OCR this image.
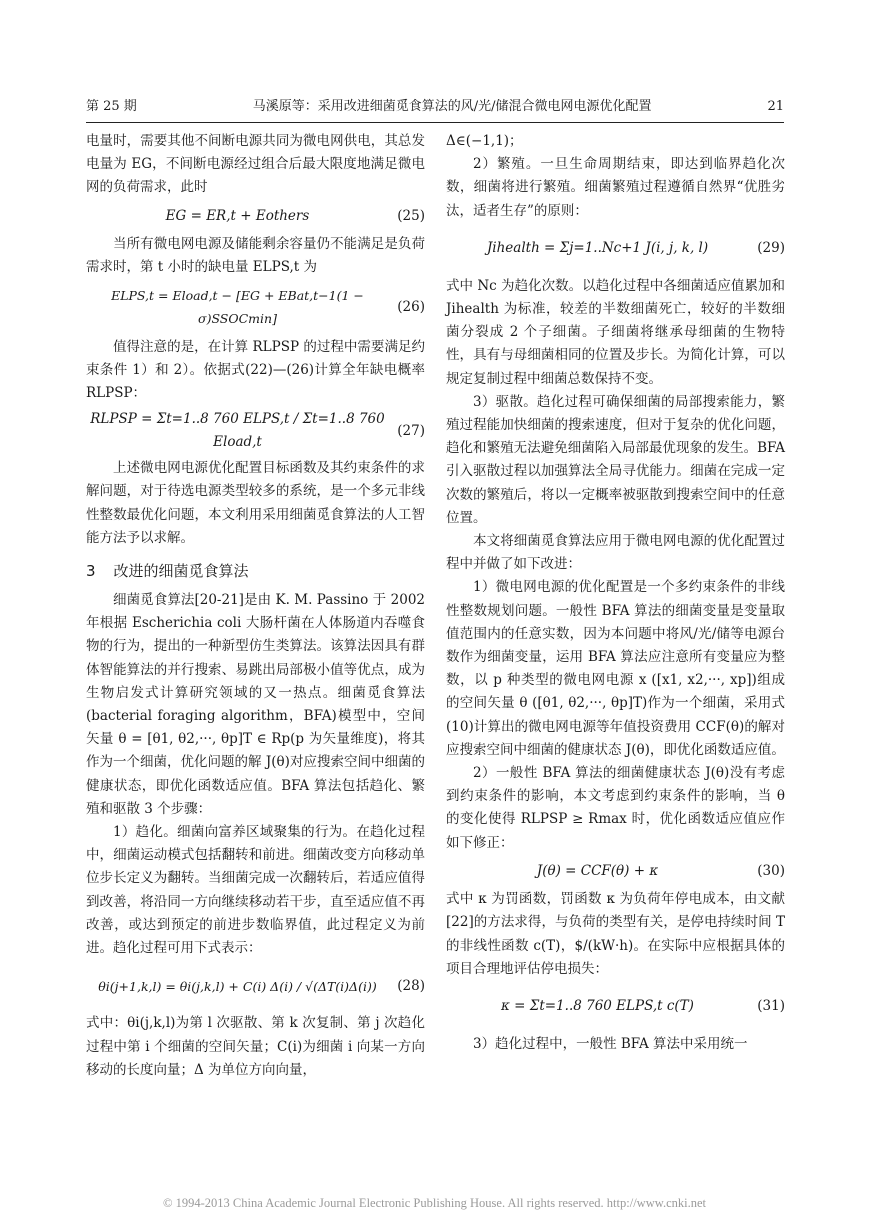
第 25 期	马溪原等：采用改进细菌觅食算法的风/光/储混合微电网电源优化配置	21

电量时，需要其他不间断电源共同为微电网供电，其总发电量为 EG，不间断电源经过组合后最大限度地满足微电网的负荷需求，此时

EG = ER,t + Eothers	(25)

当所有微电网电源及储能剩余容量仍不能满足是负荷需求时，第 t 小时的缺电量 ELPS,t 为

ELPS,t = Eload,t − [EG + EBat,t−1(1 − σ)SSOCmin]
(26)

值得注意的是，在计算 RLPSP 的过程中需要满足约束条件 1）和 2）。依据式(22)—(26)计算全年缺电概率 RLPSP：

RLPSP = Σt=1..8 760 ELPS,t / Σt=1..8 760 Eload,t
(27)

上述微电网电源优化配置目标函数及其约束条件的求解问题，对于待选电源类型较多的系统，是一个多元非线性整数最优化问题，本文利用采用细菌觅食算法的人工智能方法予以求解。

3 改进的细菌觅食算法

细菌觅食算法[20-21]是由 K. M. Passino 于 2002 年根据 Escherichia coli 大肠杆菌在人体肠道内吞噬食物的行为，提出的一种新型仿生类算法。该算法因具有群体智能算法的并行搜索、易跳出局部极小值等优点，成为生物启发式计算研究领域的又一热点。细菌觅食算法(bacterial foraging algorithm，BFA)模型中，空间矢量 θ = [θ1, θ2,···, θp]T ∈ Rp(p 为矢量维度)，将其作为一个细菌，优化问题的解 J(θ)对应搜索空间中细菌的健康状态，即优化函数适应值。BFA 算法包括趋化、繁殖和驱散 3 个步骤：

1）趋化。细菌向富养区域聚集的行为。在趋化过程中，细菌运动模式包括翻转和前进。细菌改变方向移动单位步长定义为翻转。当细菌完成一次翻转后，若适应值得到改善，将沿同一方向继续移动若干步，直至适应值不再改善，或达到预定的前进步数临界值，此过程定义为前进。趋化过程可用下式表示：

θi(j+1,k,l) = θi(j,k,l) + C(i) Δ(i) / √(ΔT(i)Δ(i))	(28)

式中：θi(j,k,l)为第 l 次驱散、第 k 次复制、第 j 次趋化过程中第 i 个细菌的空间矢量；C(i)为细菌 i 向某一方向移动的长度向量；Δ 为单位方向向量，

Δ∈(−1,1)；

2）繁殖。一旦生命周期结束，即达到临界趋化次数，细菌将进行繁殖。细菌繁殖过程遵循自然界“优胜劣汰，适者生存”的原则：

Jihealth = Σj=1..Nc+1 J(i, j, k, l)	(29)

式中 Nc 为趋化次数。以趋化过程中各细菌适应值累加和 Jihealth 为标准，较差的半数细菌死亡，较好的半数细菌分裂成 2 个子细菌。子细菌将继承母细菌的生物特性，具有与母细菌相同的位置及步长。为简化计算，可以规定复制过程中细菌总数保持不变。

3）驱散。趋化过程可确保细菌的局部搜索能力，繁殖过程能加快细菌的搜索速度，但对于复杂的优化问题，趋化和繁殖无法避免细菌陷入局部最优现象的发生。BFA 引入驱散过程以加强算法全局寻优能力。细菌在完成一定次数的繁殖后，将以一定概率被驱散到搜索空间中的任意位置。

本文将细菌觅食算法应用于微电网电源的优化配置过程中并做了如下改进：

1）微电网电源的优化配置是一个多约束条件的非线性整数规划问题。一般性 BFA 算法的细菌变量是变量取值范围内的任意实数，因为本问题中将风/光/储等电源台数作为细菌变量，运用 BFA 算法应注意所有变量应为整数，以 p 种类型的微电网电源 x ([x1, x2,···, xp])组成的空间矢量 θ ([θ1, θ2,···, θp]T)作为一个细菌，采用式(10)计算出的微电网电源等年值投资费用 CCF(θ)的解对应搜索空间中细菌的健康状态 J(θ)，即优化函数适应值。

2）一般性 BFA 算法的细菌健康状态 J(θ)没有考虑到约束条件的影响，本文考虑到约束条件的影响，当 θ 的变化使得 RLPSP ≥ Rmax 时，优化函数适应值应作如下修正：

J(θ) = CCF(θ) + κ	(30)

式中 κ 为罚函数，罚函数 κ 为负荷年停电成本，由文献[22]的方法求得，与负荷的类型有关，是停电持续时间 T 的非线性函数 c(T)，$/(kW·h)。在实际中应根据具体的项目合理地评估停电损失：

κ = Σt=1..8 760 ELPS,t c(T)	(31)

3）趋化过程中，一般性 BFA 算法中采用统一

© 1994-2013 China Academic Journal Electronic Publishing House. All rights reserved. http://www.cnki.net
